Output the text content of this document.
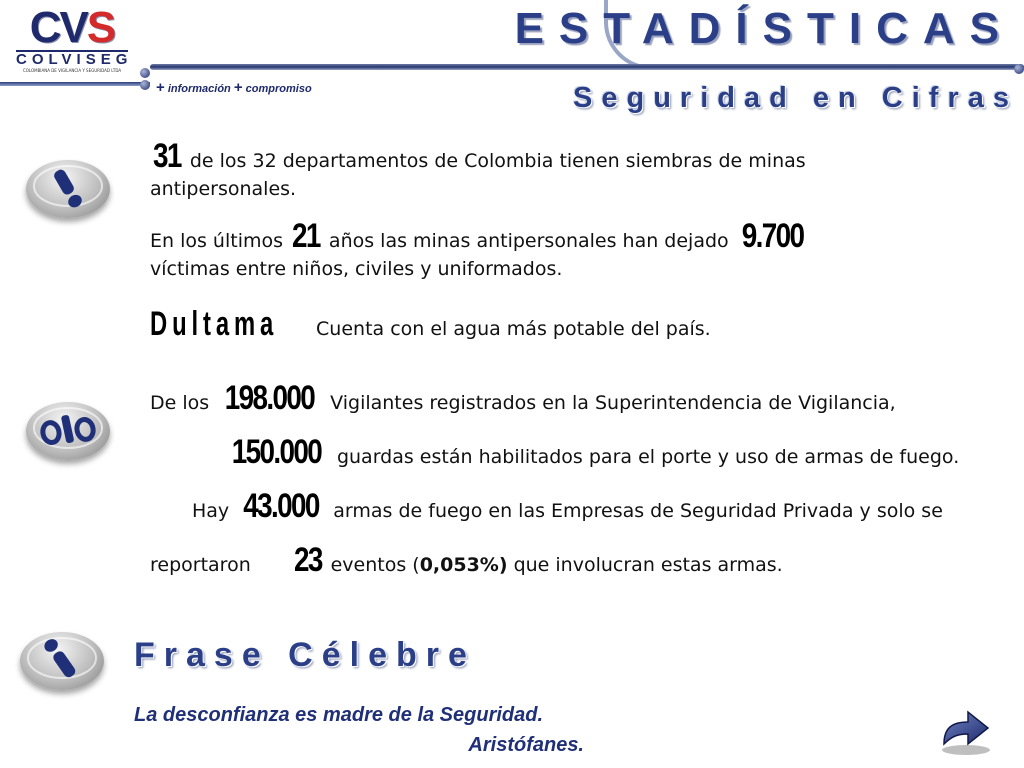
CVS
COLVISEG
COLOMBIANA DE VIGILANCIA Y SEGURIDAD LTDA
+ información + compromiso
ESTADÍSTICAS
Seguridad en Cifras
31 de los 32 departamentos de Colombia tienen siembras de minas antipersonales.
En los últimos 21 años las minas antipersonales han dejado 9.700
víctimas entre niños, civiles y uniformados.
Dultama Cuenta con el agua más potable del país.
De los 198.000 Vigilantes registrados en la Superintendencia de Vigilancia,
150.000 guardas están habilitados para el porte y uso de armas de fuego.
Hay 43.000 armas de fuego en las Empresas de Seguridad Privada y solo se
reportaron 23 eventos (0,053%) que involucran estas armas.
Frase Célebre
La desconfianza es madre de la Seguridad.
Aristófanes.
